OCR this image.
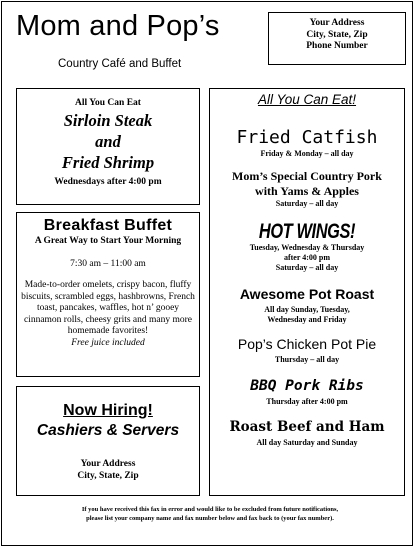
Mom and Pop’s
Country Café and Buffet
Your Address
City, State, Zip
Phone Number
All You Can Eat
Sirloin Steak
and
Fried Shrimp
Wednesdays after 4:00 pm
Breakfast Buffet
A Great Way to Start Your Morning
7:30 am – 11:00 am
Made-to-order omelets, crispy bacon, fluffy biscuits, scrambled eggs, hashbrowns, French toast, pancakes, waffles, hot n’ gooey cinnamon rolls, cheesy grits and many more homemade favorites!
Free juice included
Now Hiring!
Cashiers & Servers
Your Address
City, State, Zip
All You Can Eat!
Fried Catfish
Friday & Monday – all day
Mom’s Special Country Pork
with Yams & Apples
Saturday – all day
HOT WINGS!
Tuesday, Wednesday & Thursday
after 4:00 pm
Saturday – all day
Awesome Pot Roast
All day Sunday, Tuesday,
Wednesday and Friday
Pop’s Chicken Pot Pie
Thursday – all day
BBQ Pork Ribs
Thursday after 4:00 pm
Roast Beef and Ham
All day Saturday and Sunday
If you have received this fax in error and would like to be excluded from future notifications,
please list your company name and fax number below and fax back to (your fax number).
